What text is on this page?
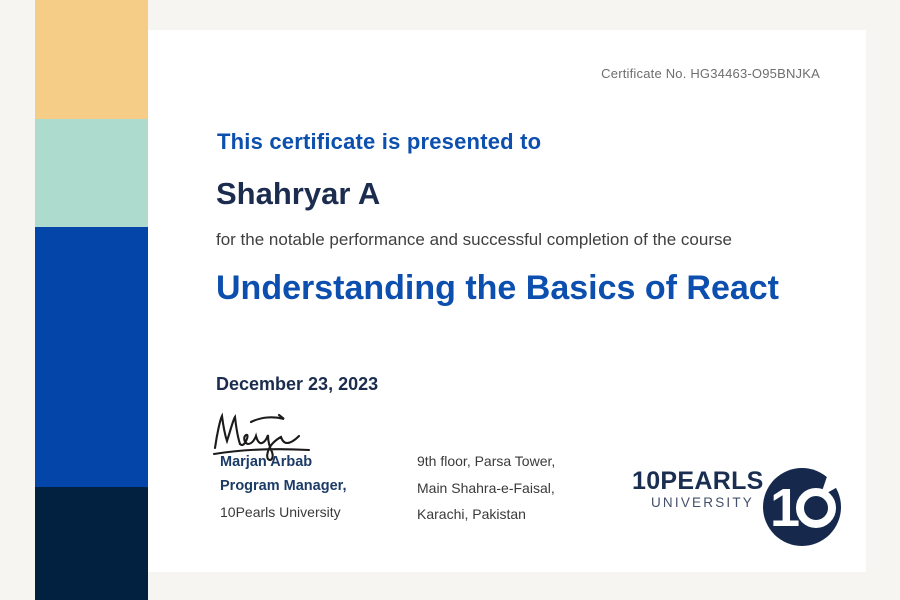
Certificate No. HG34463-O95BNJKA
This certificate is presented to
Shahryar A
for the notable performance and successful completion of the course
Understanding the Basics of React
December 23, 2023
Marjan Arbab
Program Manager,
10Pearls University
9th floor, Parsa Tower,
Main Shahra-e-Faisal,
Karachi, Pakistan
10PEARLS
UNIVERSITY
1
